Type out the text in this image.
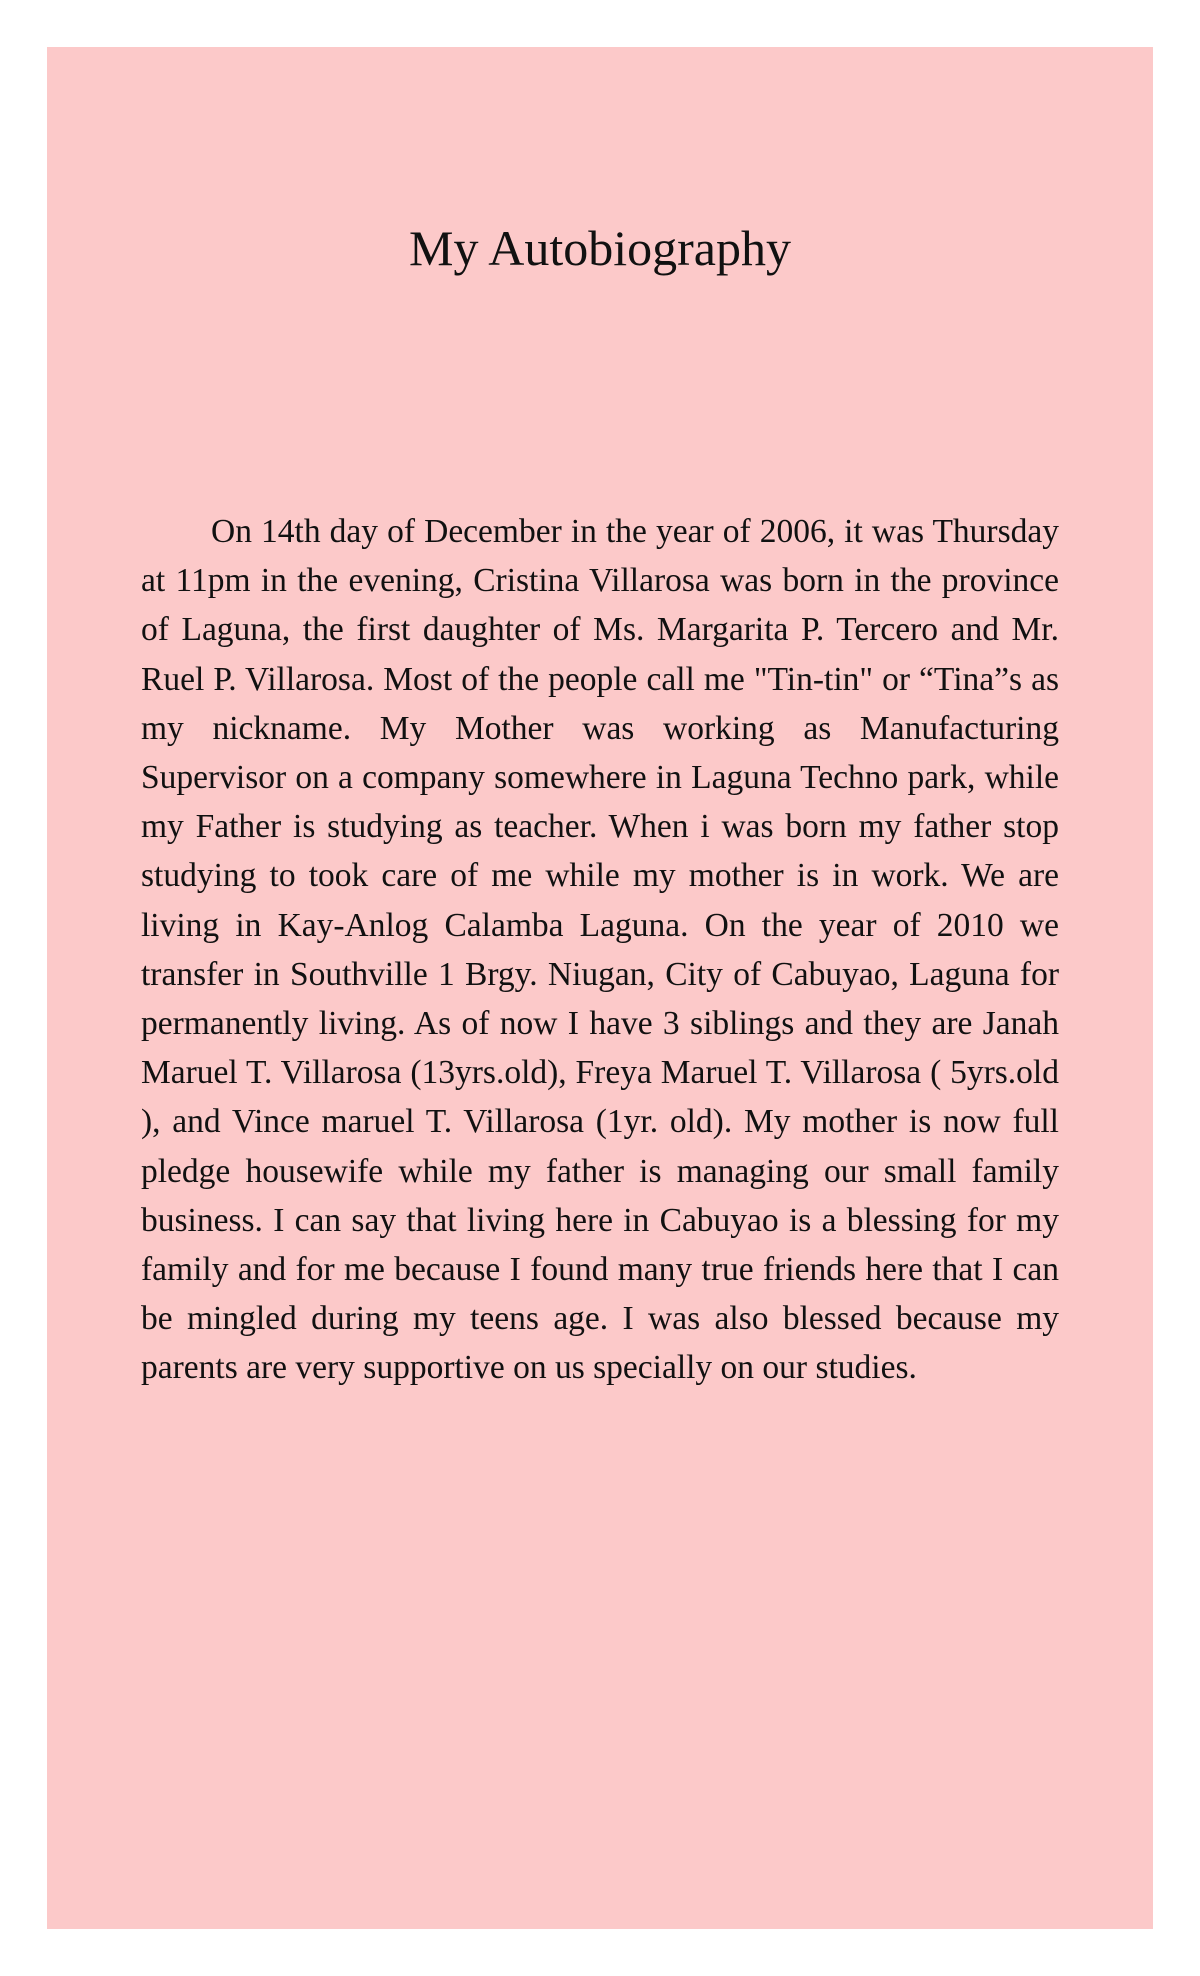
My Autobiography

On 14th day of December in the year of 2006, it was Thursday at 11pm in the evening, Cristina Villarosa was born in the province of Laguna, the first daughter of Ms. Margarita P. Tercero and Mr. Ruel P. Villarosa. Most of the people call me "Tin-tin" or “Tina”s as my nickname. My Mother was working as Manufacturing Supervisor on a company somewhere in Laguna Techno park, while my Father is studying as teacher. When i was born my father stop studying to took care of me while my mother is in work. We are living in Kay-Anlog Calamba Laguna. On the year of 2010 we transfer in Southville 1 Brgy. Niugan, City of Cabuyao, Laguna for permanently living. As of now I have 3 siblings and they are Janah Maruel T. Villarosa (13yrs.old), Freya Maruel T. Villarosa ( 5yrs.old ), and Vince maruel T. Villarosa (1yr. old). My mother is now full pledge housewife while my father is managing our small family business. I can say that living here in Cabuyao is a blessing for my family and for me because I found many true friends here that I can be mingled during my teens age. I was also blessed because my parents are very supportive on us specially on our studies.
